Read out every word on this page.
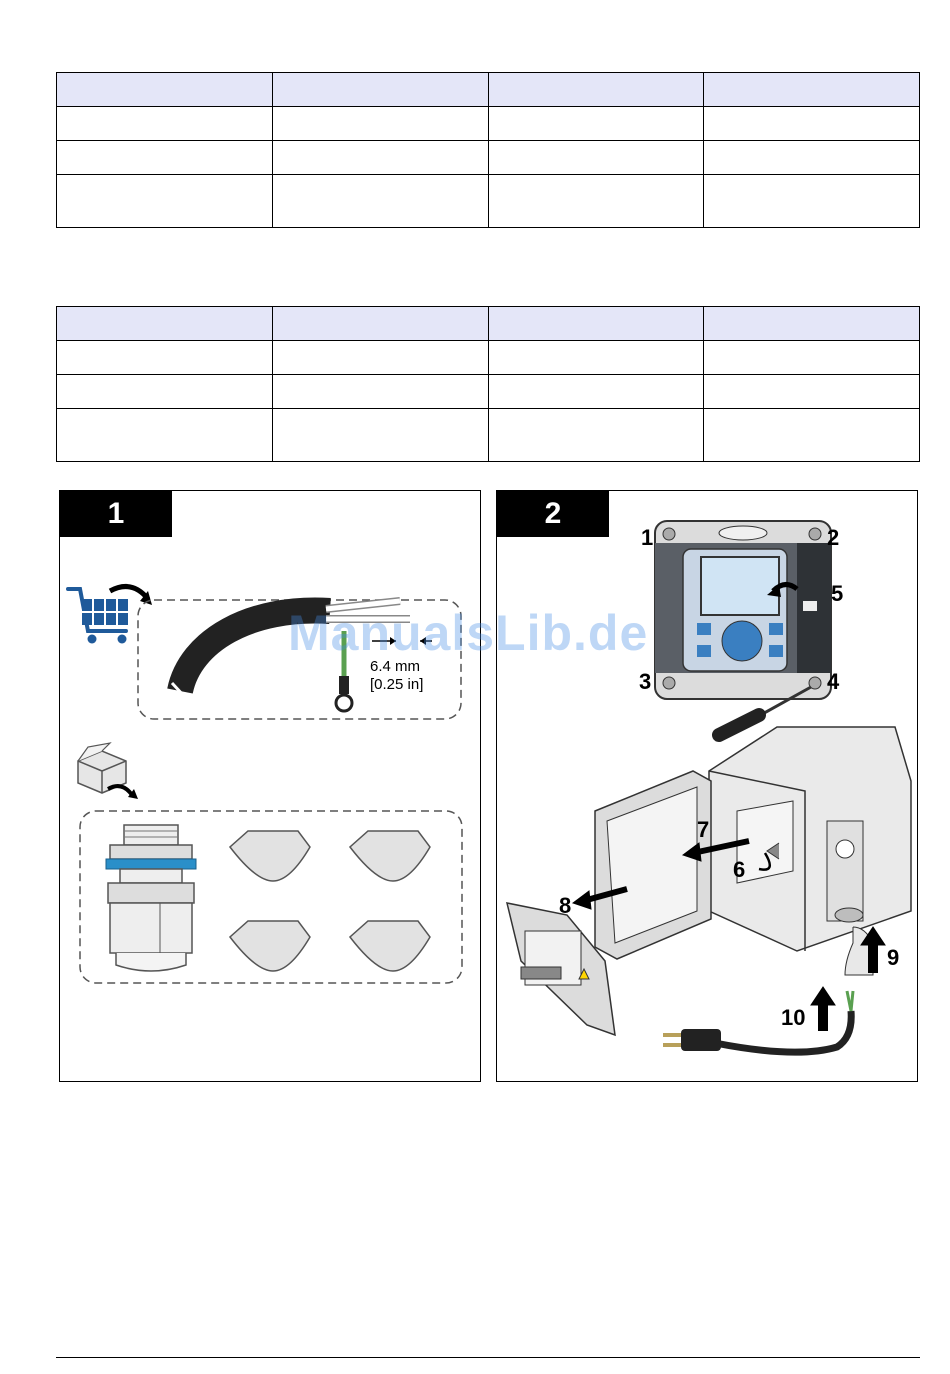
6.4 mm
[0.25 in]
1
1	2
3	4
5
6
7
8
9
10
2
ManualsLib.de
